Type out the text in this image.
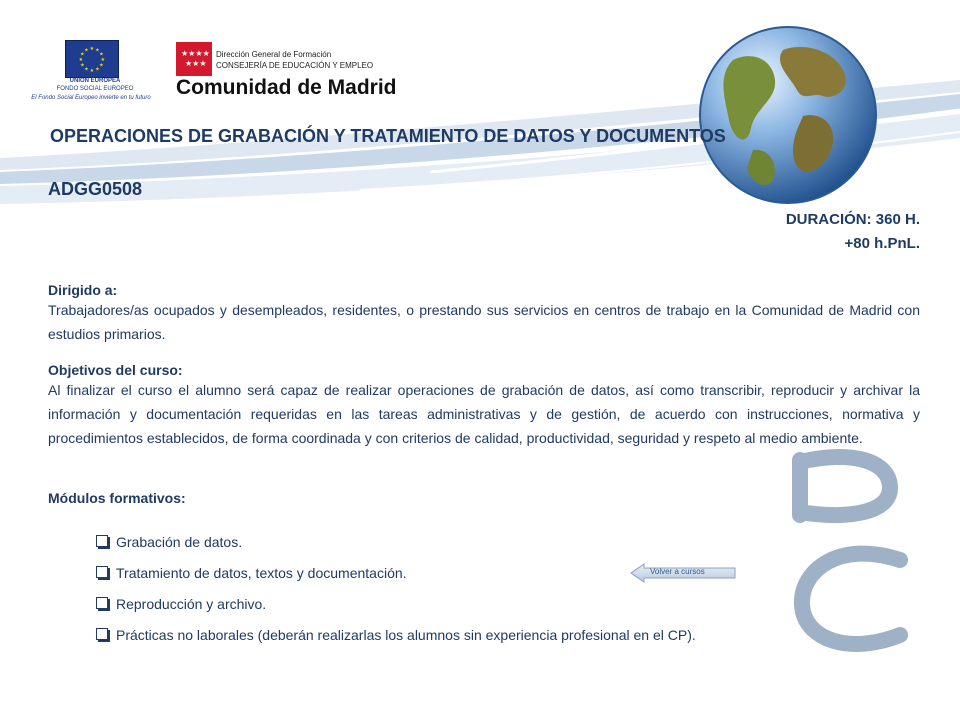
★
★
★
★
★
★
★
★
★ ★ ★
★
UNIÓN EUROPEA
FONDO SOCIAL EUROPEO
El Fondo Social Europeo invierte en tu futuro
★★★★
★★★
Dirección General de Formación
CONSEJERÍA DE EDUCACIÓN Y EMPLEO
Comunidad de Madrid
OPERACIONES DE GRABACIÓN Y TRATAMIENTO DE DATOS Y DOCUMENTOS
ADGG0508
DURACIÓN: 360 H.
+80 h.PnL.
Dirigido a:
Trabajadores/as ocupados y desempleados, residentes, o prestando sus servicios en centros de trabajo en la Comunidad de Madrid con estudios primarios.
Objetivos del curso:
Al finalizar el curso el alumno será capaz de realizar operaciones de grabación de datos, así como transcribir, reproducir y archivar la información y documentación requeridas en las tareas administrativas y de gestión, de acuerdo con instrucciones, normativa y procedimientos establecidos, de forma coordinada y con criterios de calidad, productividad, seguridad y respeto al medio ambiente.
Módulos formativos:
Grabación de datos.
Tratamiento de datos, textos y documentación.
Reproducción y archivo.
Prácticas no laborales (deberán realizarlas los alumnos sin experiencia profesional en el CP).
Volver a cursos
